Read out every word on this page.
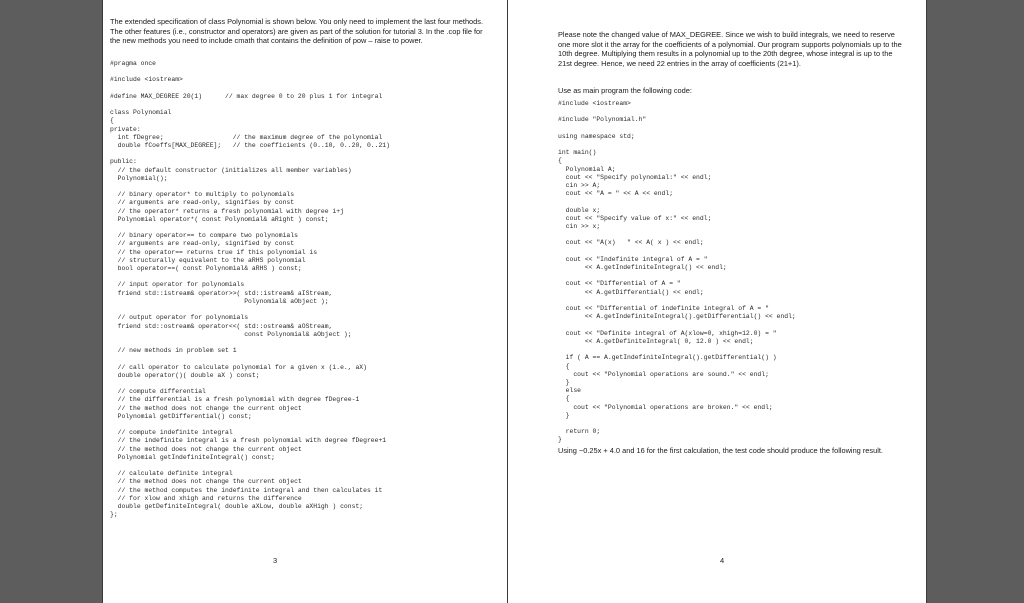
The extended specification of class Polynomial is shown below. You only need to implement the last four methods. The other features (i.e., constructor and operators) are given as part of the solution for tutorial 3. In the .cop file for the new methods you need to include cmath that contains the definition of pow – raise to power.
#pragma once

#include <iostream>

#define MAX_DEGREE 20(1)      // max degree 0 to 20 plus 1 for integral

class Polynomial
{
private:
int fDegree;                  // the maximum degree of the polynomial
double fCoeffs[MAX_DEGREE];   // the coefficients (0..10, 0..20, 0..21)

public:
// the default constructor (initializes all member variables)
Polynomial();

// binary operator* to multiply to polynomials
// arguments are read-only, signifies by const
// the operator* returns a fresh polynomial with degree i+j
Polynomial operator*( const Polynomial& aRight ) const;

// binary operator== to compare two polynomials
// arguments are read-only, signified by const
// the operator== returns true if this polynomial is
// structurally equivalent to the aRHS polynomial
bool operator==( const Polynomial& aRHS ) const;

// input operator for polynomials
friend std::istream& operator>>( std::istream& aIStream,
Polynomial& aObject );

// output operator for polynomials
friend std::ostream& operator<<( std::ostream& aOStream,
const Polynomial& aObject );

// new methods in problem set 1

// call operator to calculate polynomial for a given x (i.e., aX)
double operator()( double aX ) const;

// compute differential
// the differential is a fresh polynomial with degree fDegree-1
// the method does not change the current object
Polynomial getDifferential() const;

// compute indefinite integral
// the indefinite integral is a fresh polynomial with degree fDegree+1
// the method does not change the current object
Polynomial getIndefiniteIntegral() const;

// calculate definite integral
// the method does not change the current object
// the method computes the indefinite integral and then calculates it
// for xlow and xhigh and returns the difference
double getDefiniteIntegral( double aXLow, double aXHigh ) const;
};
3
Please note the changed value of MAX_DEGREE. Since we wish to build integrals, we need to reserve one more slot it the array for the coefficients of a polynomial. Our program supports polynomials up to the 10th degree. Multiplying them results in a polynomial up to the 20th degree, whose integral is up to the 21st degree. Hence, we need 22 entries in the array of coefficients (21+1).
Use as main program the following code:
#include <iostream>

#include "Polynomial.h"

using namespace std;

int main()
{
Polynomial A;
cout << "Specify polynomial:" << endl;
cin >> A;
cout << "A = " << A << endl;

double x;
cout << "Specify value of x:" << endl;
cin >> x;

cout << "A(x)   " << A( x ) << endl;

cout << "Indefinite integral of A = "
<< A.getIndefiniteIntegral() << endl;

cout << "Differential of A = "
<< A.getDifferential() << endl;

cout << "Differential of indefinite integral of A = "
<< A.getIndefiniteIntegral().getDifferential() << endl;

cout << "Definite integral of A(xlow=0, xhigh=12.0) = "
<< A.getDefiniteIntegral( 0, 12.0 ) << endl;

if ( A == A.getIndefiniteIntegral().getDifferential() )
{
cout << "Polynomial operations are sound." << endl;
}
else
{
cout << "Polynomial operations are broken." << endl;
}

return 0;
}
Using −0.25x + 4.0 and 16 for the first calculation, the test code should produce the following result.
4
